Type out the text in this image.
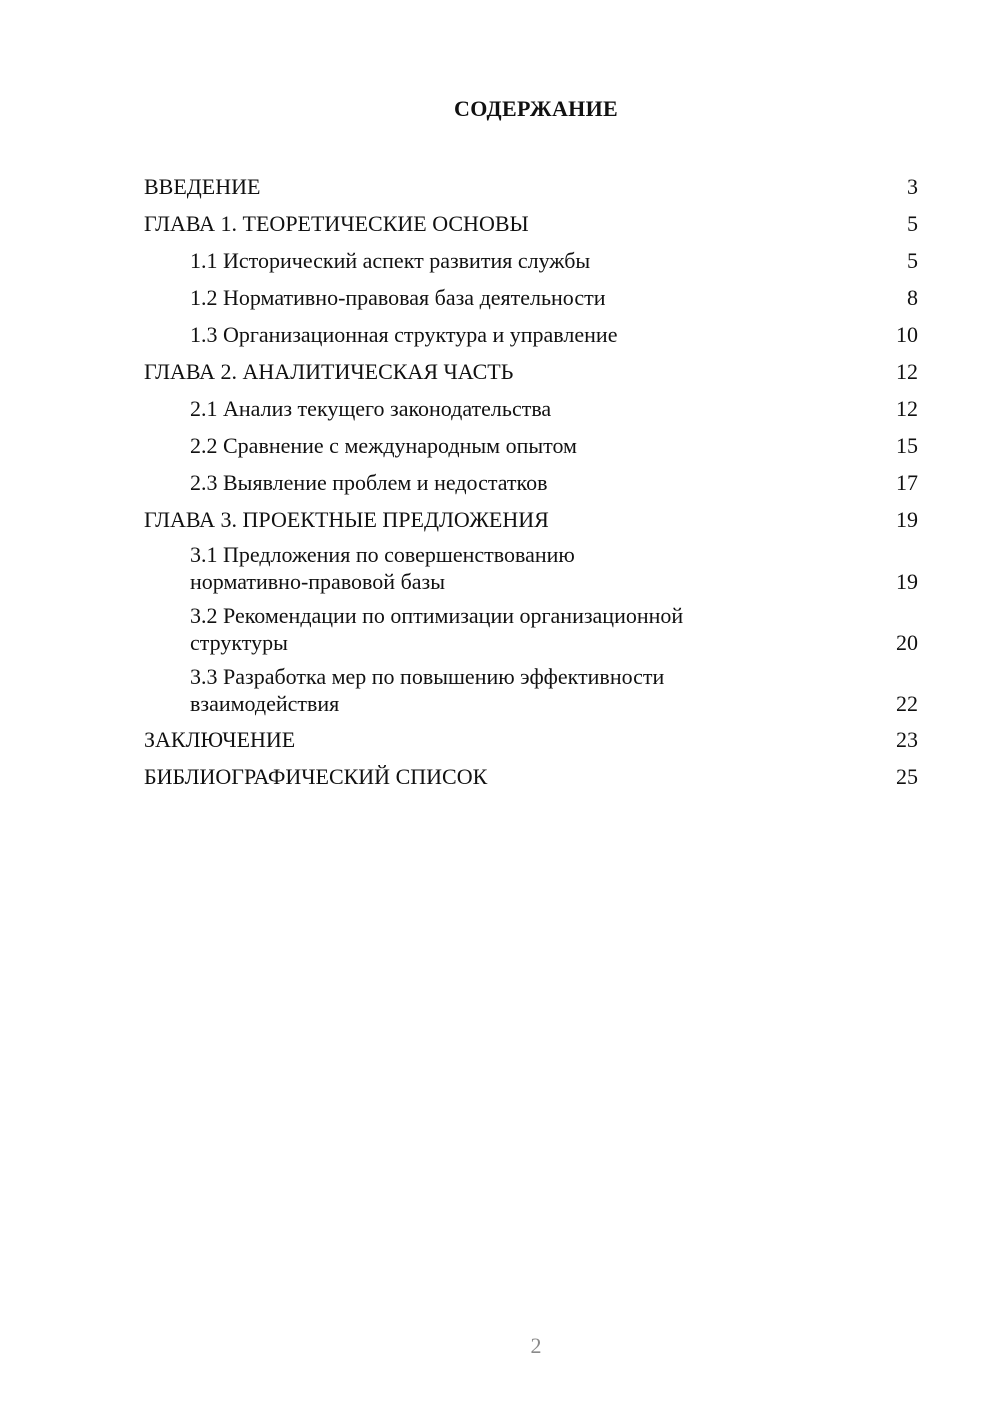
СОДЕРЖАНИЕ
ВВЕДЕНИЕ	3
ГЛАВА 1. ТЕОРЕТИЧЕСКИЕ ОСНОВЫ	5
1.1 Исторический аспект развития службы	5
1.2 Нормативно-правовая база деятельности	8
1.3 Организационная структура и управление	10
ГЛАВА 2. АНАЛИТИЧЕСКАЯ ЧАСТЬ	12
2.1 Анализ текущего законодательства	12
2.2 Сравнение с международным опытом	15
2.3 Выявление проблем и недостатков	17
ГЛАВА 3. ПРОЕКТНЫЕ ПРЕДЛОЖЕНИЯ	19
3.1 Предложения по совершенствованию
нормативно-правовой базы	19
3.2 Рекомендации по оптимизации организационной
структуры	20
3.3 Разработка мер по повышению эффективности
взаимодействия	22
ЗАКЛЮЧЕНИЕ	23
БИБЛИОГРАФИЧЕСКИЙ СПИСОК	25
2
